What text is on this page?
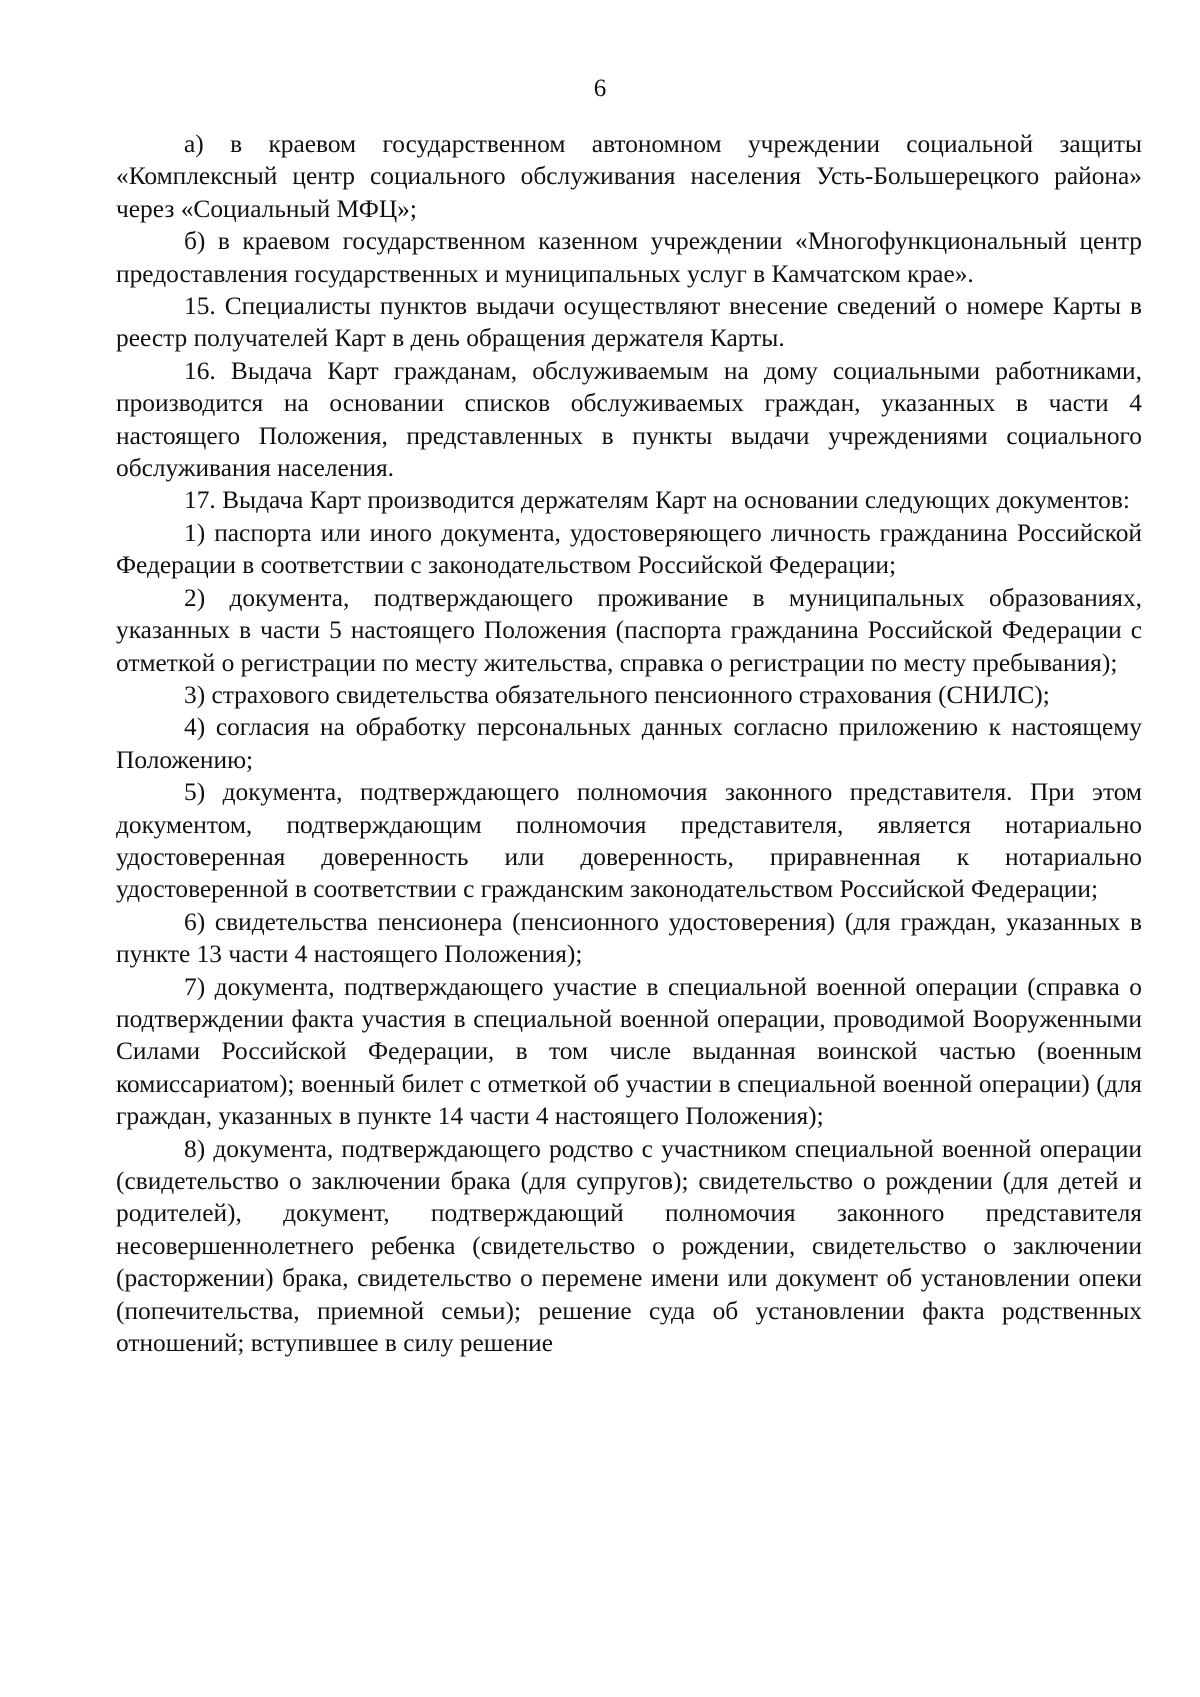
6

а) в краевом государственном автономном учреждении социальной защиты «Комплексный центр социального обслуживания населения Усть-Большерецкого района» через «Социальный МФЦ»;

б) в краевом государственном казенном учреждении «Многофункциональный центр предоставления государственных и муниципальных услуг в Камчатском крае».

15. Специалисты пунктов выдачи осуществляют внесение сведений о номере Карты в реестр получателей Карт в день обращения держателя Карты.

16. Выдача Карт гражданам, обслуживаемым на дому социальными работниками, производится на основании списков обслуживаемых граждан, указанных в части 4 настоящего Положения, представленных в пункты выдачи учреждениями социального обслуживания населения.

17. Выдача Карт производится держателям Карт на основании следующих документов:

1) паспорта или иного документа, удостоверяющего личность гражданина Российской Федерации в соответствии с законодательством Российской Федерации;

2) документа, подтверждающего проживание в муниципальных образованиях, указанных в части 5 настоящего Положения (паспорта гражданина Российской Федерации с отметкой о регистрации по месту жительства, справка о регистрации по месту пребывания);

3) страхового свидетельства обязательного пенсионного страхования (СНИЛС);

4) согласия на обработку персональных данных согласно приложению к настоящему Положению;

5) документа, подтверждающего полномочия законного представителя. При этом документом, подтверждающим полномочия представителя, является нотариально удостоверенная доверенность или доверенность, приравненная к нотариально удостоверенной в соответствии с гражданским законодательством Российской Федерации;

6) свидетельства пенсионера (пенсионного удостоверения) (для граждан, указанных в пункте 13 части 4 настоящего Положения);

7) документа, подтверждающего участие в специальной военной операции (справка о подтверждении факта участия в специальной военной операции, проводимой Вооруженными Силами Российской Федерации, в том числе выданная воинской частью (военным комиссариатом); военный билет с отметкой об участии в специальной военной операции) (для граждан, указанных в пункте 14 части 4 настоящего Положения);

8) документа, подтверждающего родство с участником специальной военной операции (свидетельство о заключении брака (для супругов); свидетельство о рождении (для детей и родителей), документ, подтверждающий полномочия законного представителя несовершеннолетнего ребенка (свидетельство о рождении, свидетельство о заключении (расторжении) брака, свидетельство о перемене имени или документ об установлении опеки (попечительства, приемной семьи); решение суда об установлении факта родственных отношений; вступившее в силу решение
